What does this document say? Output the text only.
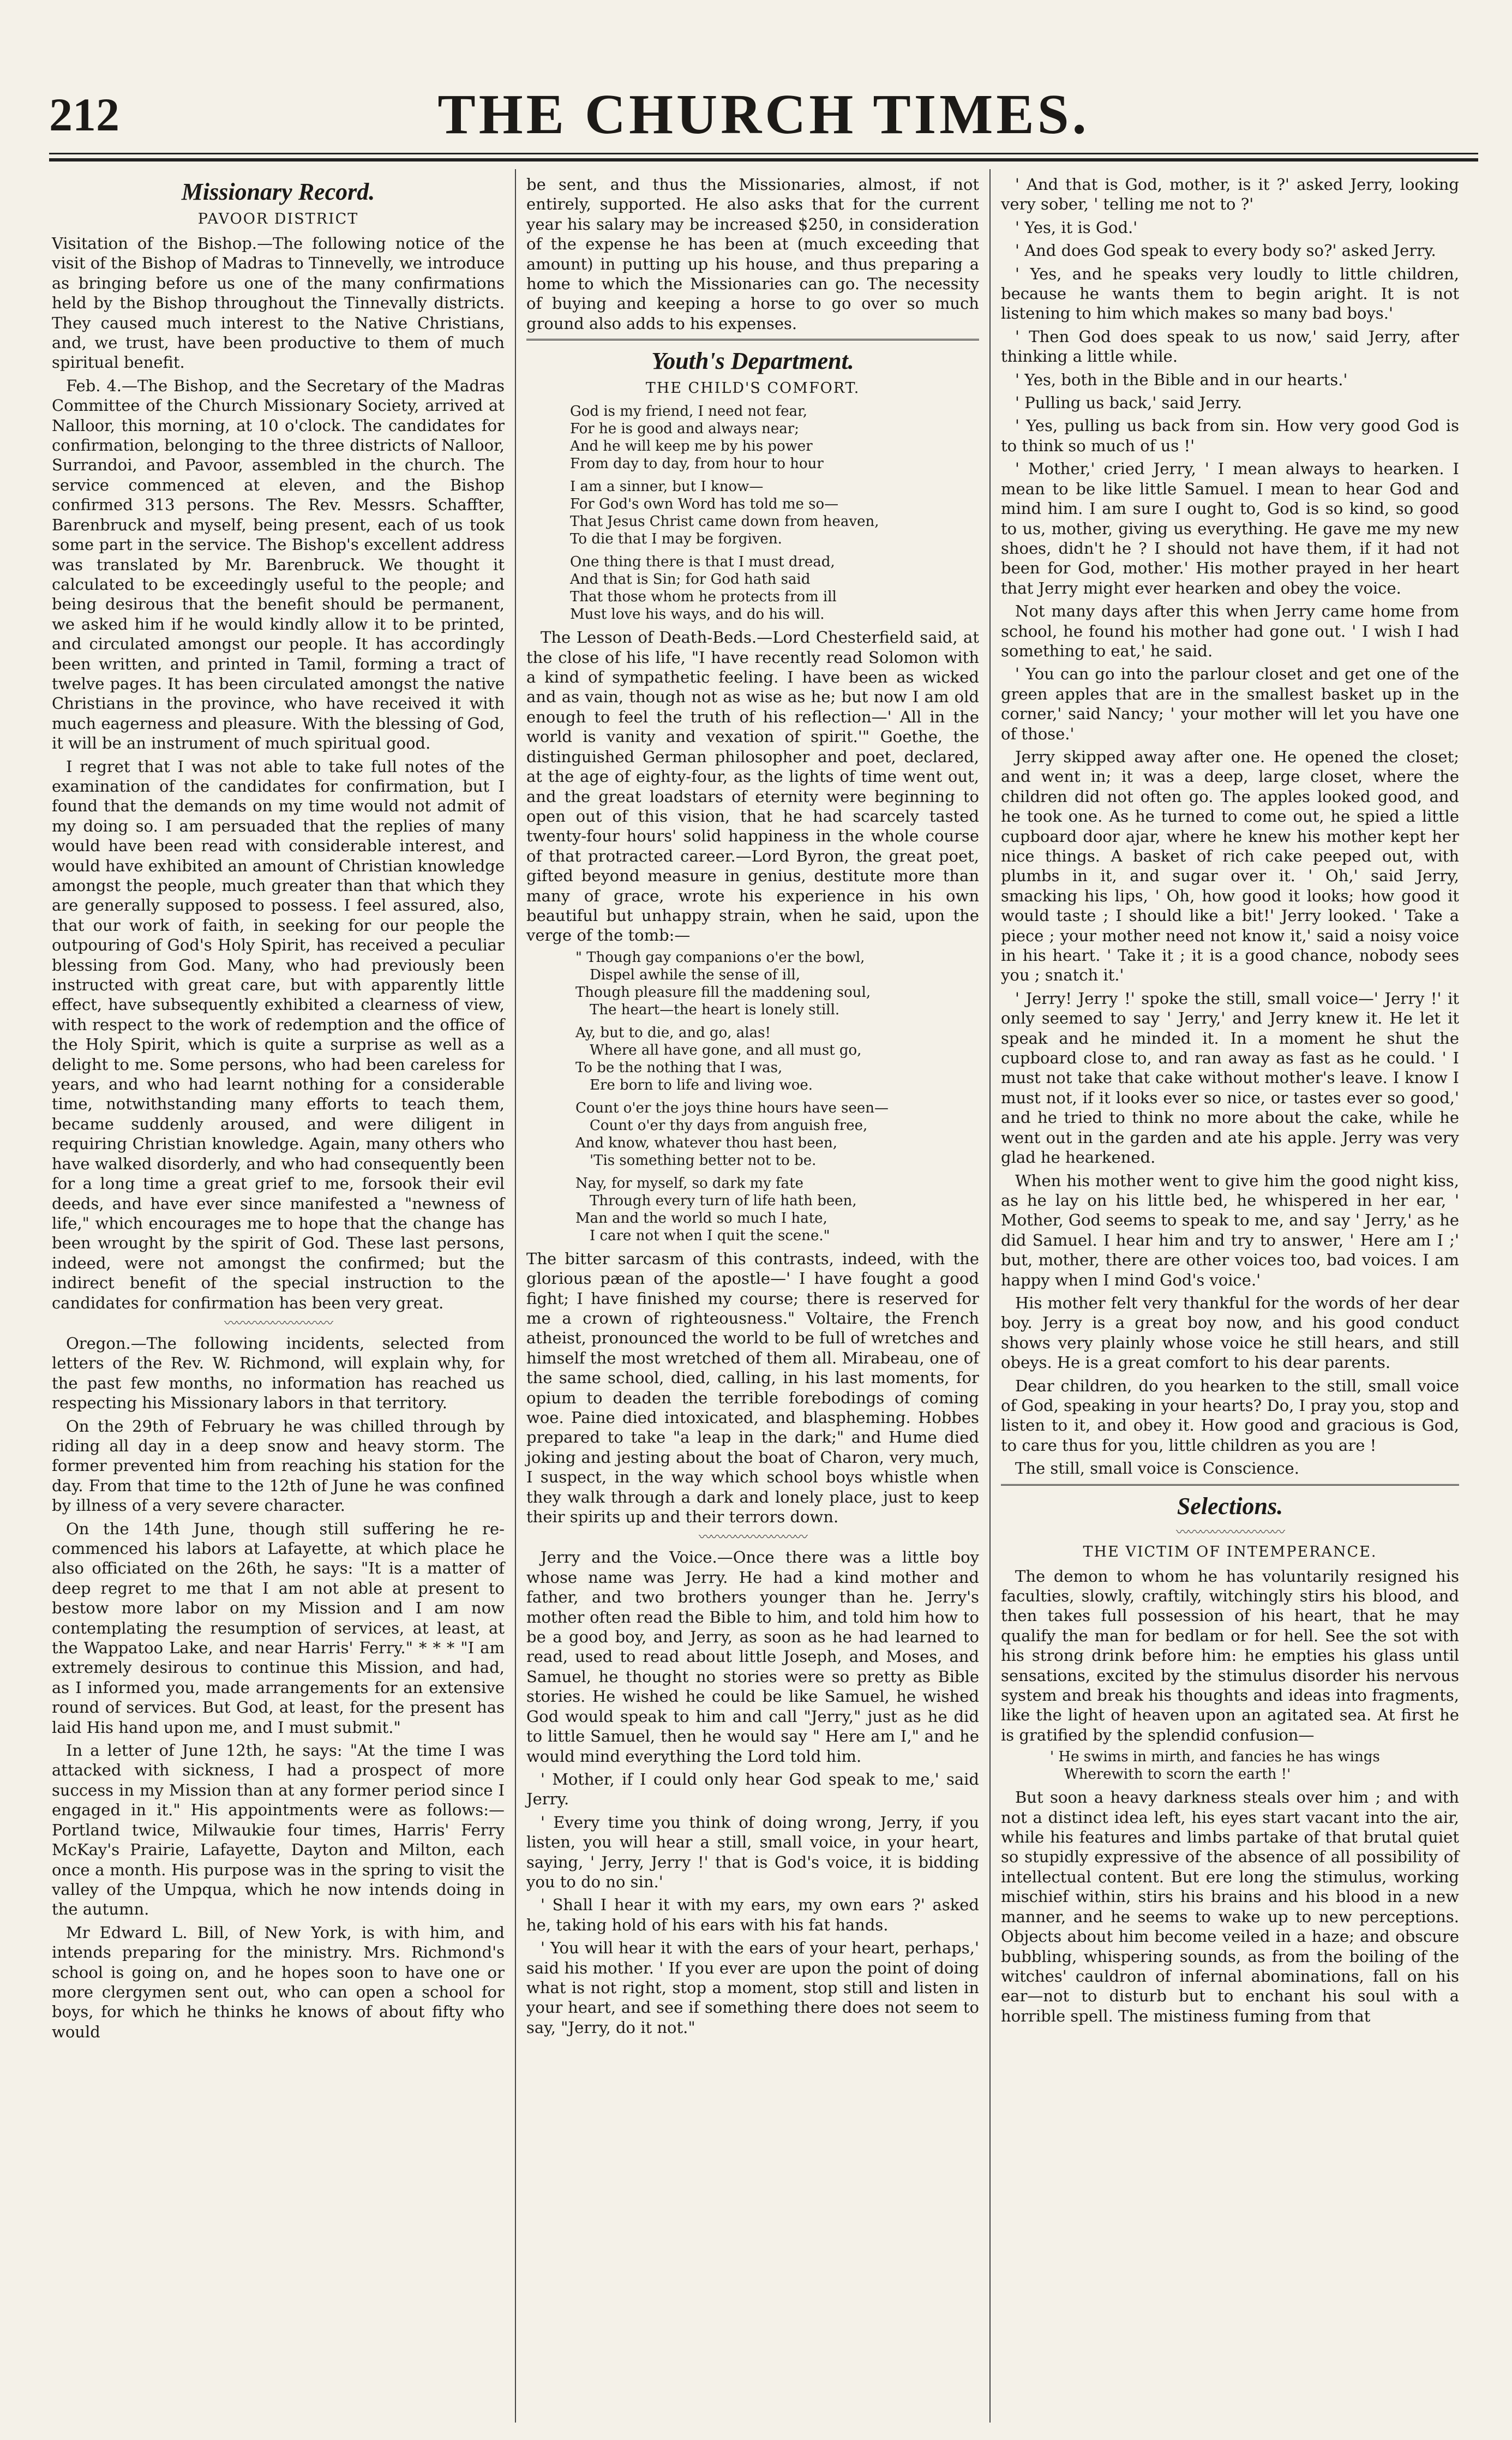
212	THE CHURCH TIMES.
Missionary Record.
PAVOOR DISTRICT

Visitation of the Bishop.—The following notice of the visit of the Bishop of Madras to Tinnevelly, we introduce as bringing before us one of the many confirmations held by the Bishop throughout the Tinnevally districts. They caused much interest to the Native Christians, and, we trust, have been productive to them of much spiritual benefit.

Feb. 4.—The Bishop, and the Secretary of the Madras Committee of the Church Missionary Society, arrived at Nalloor, this morning, at 10 o'clock. The candidates for confirmation, belonging to the three districts of Nalloor, Surrandoi, and Pavoor, assembled in the church. The service commenced at eleven, and the Bishop confirmed 313 persons. The Rev. Messrs. Schaffter, Barenbruck and myself, being present, each of us took some part in the service. The Bishop's excellent address was translated by Mr. Barenbruck. We thought it calculated to be exceedingly useful to the people; and being desirous that the benefit should be permanent, we asked him if he would kindly allow it to be printed, and circulated amongst our people. It has accordingly been written, and printed in Tamil, forming a tract of twelve pages. It has been circulated amongst the native Christians in the province, who have received it with much eagerness and pleasure. With the blessing of God, it will be an instrument of much spiritual good.

I regret that I was not able to take full notes of the examination of the candidates for confirmation, but I found that the demands on my time would not admit of my doing so. I am persuaded that the replies of many would have been read with considerable interest, and would have exhibited an amount of Christian knowledge amongst the people, much greater than that which they are generally supposed to possess. I feel assured, also, that our work of faith, in seeking for our people the outpouring of God's Holy Spirit, has received a peculiar blessing from God. Many, who had previously been instructed with great care, but with apparently little effect, have subsequently exhibited a clearness of view, with respect to the work of redemption and the office of the Holy Spirit, which is quite a surprise as well as a delight to me. Some persons, who had been careless for years, and who had learnt nothing for a considerable time, notwithstanding many efforts to teach them, became suddenly aroused, and were diligent in requiring Christian knowledge. Again, many others who have walked disorderly, and who had consequently been for a long time a great grief to me, forsook their evil deeds, and have ever since manifested a "newness of life," which encourages me to hope that the change has been wrought by the spirit of God. These last persons, indeed, were not amongst the confirmed; but the indirect benefit of the special instruction to the candidates for confirmation has been very great.

〰〰〰〰〰〰〰〰〰

Oregon.—The following incidents, selected from letters of the Rev. W. Richmond, will explain why, for the past few months, no information has reached us respecting his Missionary labors in that territory.

On the 29th of February he was chilled through by riding all day in a deep snow and heavy storm. The former prevented him from reaching his station for the day. From that time to the 12th of June he was confined by illness of a very severe character.

On the 14th June, though still suffering he re-commenced his labors at Lafayette, at which place he also officiated on the 26th, he says: "It is a matter of deep regret to me that I am not able at present to bestow more labor on my Mission and I am now contemplating the resumption of services, at least, at the Wappatoo Lake, and near Harris' Ferry." * * * "I am extremely desirous to continue this Mission, and had, as I informed you, made arrangements for an extensive round of services. But God, at least, for the present has laid His hand upon me, and I must submit."

In a letter of June 12th, he says: "At the time I was attacked with sickness, I had a prospect of more success in my Mission than at any former period since I engaged in it." His appointments were as follows:—Portland twice, Milwaukie four times, Harris' Ferry McKay's Prairie, Lafayette, Dayton and Milton, each once a month. His purpose was in the spring to visit the valley of the Umpqua, which he now intends doing in the autumn.

Mr Edward L. Bill, of New York, is with him, and intends preparing for the ministry. Mrs. Richmond's school is going on, and he hopes soon to have one or more clergymen sent out, who can open a school for boys, for which he thinks he knows of about fifty who would

be sent, and thus the Missionaries, almost, if not entirely, supported. He also asks that for the current year his salary may be increased $250, in consideration of the expense he has been at (much exceeding that amount) in putting up his house, and thus preparing a home to which the Missionaries can go. The necessity of buying and keeping a horse to go over so much ground also adds to his expenses.

Youth's Department.
THE CHILD'S COMFORT.
God is my friend, I need not fear,
For he is good and always near;
And he will keep me by his power
From day to day, from hour to hour
I am a sinner, but I know—
For God's own Word has told me so—
That Jesus Christ came down from heaven,
To die that I may be forgiven.
One thing there is that I must dread,
And that is Sin; for God hath said
That those whom he protects from ill
Must love his ways, and do his will.

The Lesson of Death-Beds.—Lord Chesterfield said, at the close of his life, "I have recently read Solomon with a kind of sympathetic feeling. I have been as wicked and as vain, though not as wise as he; but now I am old enough to feel the truth of his reflection—' All in the world is vanity and vexation of spirit.'" Goethe, the distinguished German philosopher and poet, declared, at the age of eighty-four, as the lights of time went out, and the great loadstars of eternity were beginning to open out of this vision, that he had scarcely tasted twenty-four hours' solid happiness in the whole course of that protracted career.—Lord Byron, the great poet, gifted beyond measure in genius, destitute more than many of grace, wrote his experience in his own beautiful but unhappy strain, when he said, upon the verge of the tomb:—

" Though gay companions o'er the bowl,
Dispel awhile the sense of ill,
Though pleasure fill the maddening soul,
The heart—the heart is lonely still.
Ay, but to die, and go, alas!
Where all have gone, and all must go,
To be the nothing that I was,
Ere born to life and living woe.
Count o'er the joys thine hours have seen—
Count o'er thy days from anguish free,
And know, whatever thou hast been,
'Tis something better not to be.
Nay, for myself, so dark my fate
Through every turn of life hath been,
Man and the world so much I hate,
I care not when I quit the scene."

The bitter sarcasm of this contrasts, indeed, with the glorious pæan of the apostle—' I have fought a good fight; I have finished my course; there is reserved for me a crown of righteousness." Voltaire, the French atheist, pronounced the world to be full of wretches and himself the most wretched of them all. Mirabeau, one of the same school, died, calling, in his last moments, for opium to deaden the terrible forebodings of coming woe. Paine died intoxicated, and blaspheming. Hobbes prepared to take "a leap in the dark;" and Hume died joking and jesting about the boat of Charon, very much, I suspect, in the way which school boys whistle when they walk through a dark and lonely place, just to keep their spirits up and their terrors down.

〰〰〰〰〰〰〰〰〰

Jerry and the Voice.—Once there was a little boy whose name was Jerry. He had a kind mother and father, and two brothers younger than he. Jerry's mother often read the Bible to him, and told him how to be a good boy, and Jerry, as soon as he had learned to read, used to read about little Joseph, and Moses, and Samuel, he thought no stories were so pretty as Bible stories. He wished he could be like Samuel, he wished God would speak to him and call "Jerry," just as he did to little Samuel, then he would say " Here am I," and he would mind everything the Lord told him.

' Mother, if I could only hear God speak to me,' said Jerry.

' Every time you think of doing wrong, Jerry, if you listen, you will hear a still, small voice, in your heart, saying, ' Jerry, Jerry !' that is God's voice, it is bidding you to do no sin.'

' Shall I hear it with my ears, my own ears ?' asked he, taking hold of his ears with his fat hands.

' You will hear it with the ears of your heart, perhaps,' said his mother. ' If you ever are upon the point of doing what is not right, stop a moment, stop still and listen in your heart, and see if something there does not seem to say, "Jerry, do it not."

' And that is God, mother, is it ?' asked Jerry, looking very sober, ' telling me not to ?'

' Yes, it is God.'

' And does God speak to every body so?' asked Jerry.

' Yes, and he speaks very loudly to little children, because he wants them to begin aright. It is not listening to him which makes so many bad boys.'

' Then God does speak to us now,' said Jerry, after thinking a little while.

' Yes, both in the Bible and in our hearts.'

' Pulling us back,' said Jerry.

' Yes, pulling us back from sin. How very good God is to think so much of us !'

' Mother,' cried Jerry, ' I mean always to hearken. I mean to be like little Samuel. I mean to hear God and mind him. I am sure I ought to, God is so kind, so good to us, mother, giving us everything. He gave me my new shoes, didn't he ? I should not have them, if it had not been for God, mother.' His mother prayed in her heart that Jerry might ever hearken and obey the voice.

Not many days after this when Jerry came home from school, he found his mother had gone out. ' I wish I had something to eat,' he said.

' You can go into the parlour closet and get one of the green apples that are in the smallest basket up in the corner,' said Nancy; ' your mother will let you have one of those.'

Jerry skipped away after one. He opened the closet; and went in; it was a deep, large closet, where the children did not often go. The apples looked good, and he took one. As he turned to come out, he spied a little cupboard door ajar, where he knew his mother kept her nice things. A basket of rich cake peeped out, with plumbs in it, and sugar over it. ' Oh,' said Jerry, smacking his lips, ' Oh, how good it looks; how good it would taste ; I should like a bit!' Jerry looked. ' Take a piece ; your mother need not know it,' said a noisy voice in his heart. ' Take it ; it is a good chance, nobody sees you ; snatch it.'

' Jerry! Jerry !' spoke the still, small voice—' Jerry !' it only seemed to say ' Jerry,' and Jerry knew it. He let it speak and he minded it. In a moment he shut the cupboard close to, and ran away as fast as he could. ' I must not take that cake without mother's leave. I know I must not, if it looks ever so nice, or tastes ever so good,' and he tried to think no more about the cake, while he went out in the garden and ate his apple. Jerry was very glad he hearkened.

When his mother went to give him the good night kiss, as he lay on his little bed, he whispered in her ear, ' Mother, God seems to speak to me, and say ' Jerry,' as he did Samuel. I hear him and try to answer, ' Here am I ;' but, mother, there are other voices too, bad voices. I am happy when I mind God's voice.'

His mother felt very thankful for the words of her dear boy. Jerry is a great boy now, and his good conduct shows very plainly whose voice he still hears, and still obeys. He is a great comfort to his dear parents.

Dear children, do you hearken to the still, small voice of God, speaking in your hearts? Do, I pray you, stop and listen to it, and obey it. How good and gracious is God, to care thus for you, little children as you are !

The still, small voice is Conscience.

Selections.
〰〰〰〰〰〰〰〰〰
THE VICTIM OF INTEMPERANCE.

The demon to whom he has voluntarily resigned his faculties, slowly, craftily, witchingly stirs his blood, and then takes full possession of his heart, that he may qualify the man for bedlam or for hell. See the sot with his strong drink before him: he empties his glass until sensations, excited by the stimulus disorder his nervous system and break his thoughts and ideas into fragments, like the light of heaven upon an agitated sea. At first he is gratified by the splendid confusion—

' He swims in mirth, and fancies he has wings
Wherewith to scorn the earth !'

But soon a heavy darkness steals over him ; and with not a distinct idea left, his eyes start vacant into the air, while his features and limbs partake of that brutal quiet so stupidly expressive of the absence of all possibility of intellectual content. But ere long the stimulus, working mischief within, stirs his brains and his blood in a new manner, and he seems to wake up to new perceptions. Objects about him become veiled in a haze; and obscure bubbling, whispering sounds, as from the boiling of the witches' cauldron of infernal abominations, fall on his ear—not to disturb but to enchant his soul with a horrible spell. The mistiness fuming from that
